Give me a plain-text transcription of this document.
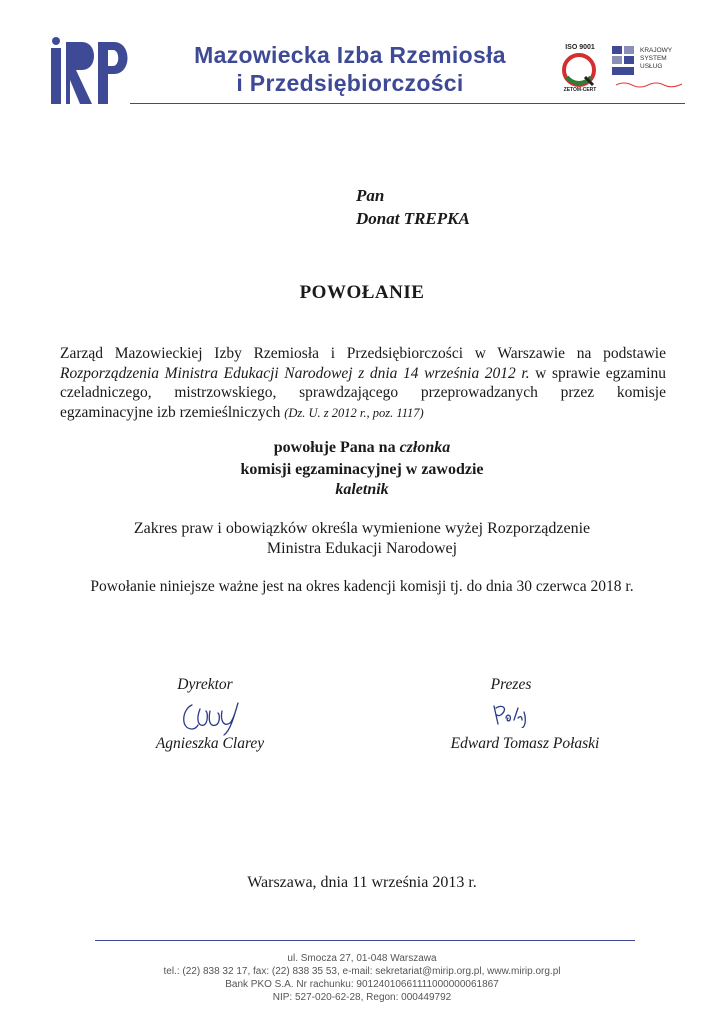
Mazowiecka Izba Rzemiosła
i Przedsiębiorczości
ISO 9001
ZETOM-CERT
KRAJOWY
SYSTEM
USŁUG
Pan
Donat TREPKA
POWOŁANIE
Zarząd Mazowieckiej Izby Rzemiosła i Przedsiębiorczości w Warszawie na podstawie Rozporządzenia Ministra Edukacji Narodowej z dnia 14 września 2012 r. w sprawie egzaminu czeladniczego, mistrzowskiego, sprawdzającego przeprowadzanych przez komisje egzaminacyjne izb rzemieślniczych (Dz. U. z 2012 r., poz. 1117)
powołuje Pana na członka
komisji egzaminacyjnej w zawodzie
kaletnik
Zakres praw i obowiązków określa wymienione wyżej Rozporządzenie
Ministra Edukacji Narodowej
Powołanie niniejsze ważne jest na okres kadencji komisji tj. do dnia 30 czerwca 2018 r.
Dyrektor
Agnieszka Clarey
Prezes
Edward Tomasz Połaski
Warszawa, dnia 11 września 2013 r.
ul. Smocza 27, 01-048 Warszawa
tel.: (22) 838 32 17, fax: (22) 838 35 53, e-mail: sekretariat@mirip.org.pl, www.mirip.org.pl
Bank PKO S.A. Nr rachunku: 90124010661111000000061867
NIP: 527-020-62-28, Regon: 000449792
